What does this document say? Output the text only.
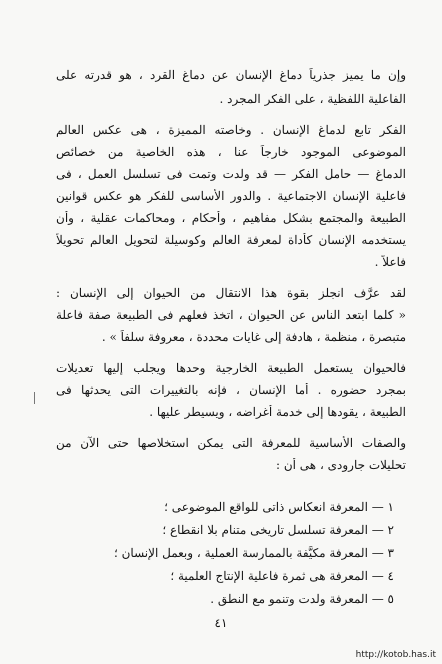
وإن ما يميز جذرياً دماغ الإنسان عن دماغ القرد ، هو قدرته على
الفاعلية اللفظية ، على الفكر المجرد .
الفكر تابع لدماغ الإنسان . وخاصته المميزة ، هى عكس العالم
الموضوعى الموجود خارجاً عنا ، هذه الخاصية من خصائص
الدماغ — حامل الفكر — قد ولدت وتمت فى تسلسل العمل ، فى
فاعلية الإنسان الاجتماعية . والدور الأساسى للفكر هو عكس قوانين
الطبيعة والمجتمع بشكل مفاهيم ، وأحكام ، ومحاكمات عقلية ، وأن
يستخدمه الإنسان كأداة لمعرفة العالم وكوسيلة لتحويل العالم تحويلاً
فاعلاً .
لقد عرَّف انجلز بقوة هذا الانتقال من الحيوان إلى الإنسان :
« كلما ابتعد الناس عن الحيوان ، اتخذ فعلهم فى الطبيعة صفة فاعلة
متبصرة ، منظمة ، هادفة إلى غايات محددة ، معروفة سلفاً » .
فالحيوان يستعمل الطبيعة الخارجية وحدها ويجلب إليها تعديلات
بمجرد حضوره . أما الإنسان ، فإنه بالتغييرات التى يحدثها فى
الطبيعة ، يقودها إلى خدمة أغراضه ، ويسيطر عليها .
والصفات الأساسية للمعرفة التى يمكن استخلاصها حتى الآن من
تحليلات جارودى ، هى أن :
١ — المعرفة انعكاس ذاتى للواقع الموضوعى ؛
٢ — المعرفة تسلسل تاريخى متنام بلا انقطاع ؛
٣ — المعرفة مكيَّفة بالممارسة العملية ، وبعمل الإنسان ؛
٤ — المعرفة هى ثمرة فاعلية الإنتاج العلمية ؛
٥ — المعرفة ولدت وتنمو مع النطق .
٤١
http://kotob.has.it
